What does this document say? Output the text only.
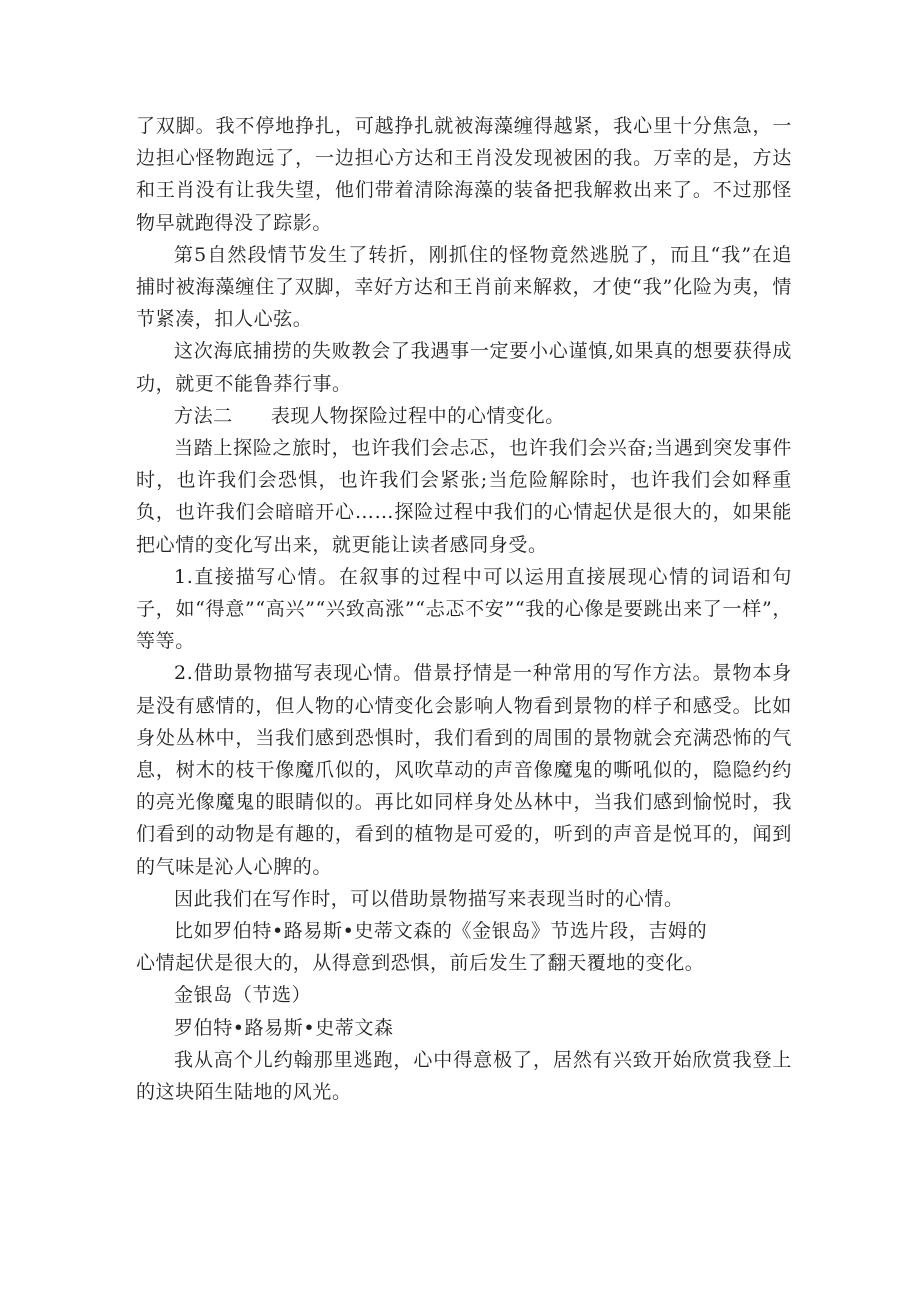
了双脚。我不停地挣扎，可越挣扎就被海藻缠得越紧，我心里十分焦急，一边担心怪物跑远了，一边担心方达和王肖没发现被困的我。万幸的是，方达和王肖没有让我失望，他们带着清除海藻的装备把我解救出来了。不过那怪物早就跑得没了踪影。

第5自然段情节发生了转折，刚抓住的怪物竟然逃脱了，而且“我”在追捕时被海藻缠住了双脚，幸好方达和王肖前来解救，才使“我”化险为夷，情节紧凑，扣人心弦。

这次海底捕捞的失败教会了我遇事一定要小心谨慎,如果真的想要获得成功，就更不能鲁莽行事。

方法二 表现人物探险过程中的心情变化。

当踏上探险之旅时，也许我们会忐忑，也许我们会兴奋;当遇到突发事件时，也许我们会恐惧，也许我们会紧张;当危险解除时，也许我们会如释重负，也许我们会暗暗开心……探险过程中我们的心情起伏是很大的，如果能把心情的变化写出来，就更能让读者感同身受。

1.直接描写心情。在叙事的过程中可以运用直接展现心情的词语和句子，如“得意”“高兴”“兴致高涨”“忐忑不安”“我的心像是要跳出来了一样”，等等。

2.借助景物描写表现心情。借景抒情是一种常用的写作方法。景物本身是没有感情的，但人物的心情变化会影响人物看到景物的样子和感受。比如身处丛林中，当我们感到恐惧时，我们看到的周围的景物就会充满恐怖的气息，树木的枝干像魔爪似的，风吹草动的声音像魔鬼的嘶吼似的，隐隐约约的亮光像魔鬼的眼睛似的。再比如同样身处丛林中，当我们感到愉悦时，我们看到的动物是有趣的，看到的植物是可爱的，听到的声音是悦耳的，闻到的气味是沁人心脾的。

因此我们在写作时，可以借助景物描写来表现当时的心情。

比如罗伯特•路易斯•史蒂文森的《金银岛》节选片段，吉姆的

心情起伏是很大的，从得意到恐惧，前后发生了翻天覆地的变化。

金银岛（节选）

罗伯特•路易斯•史蒂文森

我从高个儿约翰那里逃跑，心中得意极了，居然有兴致开始欣赏我登上的这块陌生陆地的风光。
